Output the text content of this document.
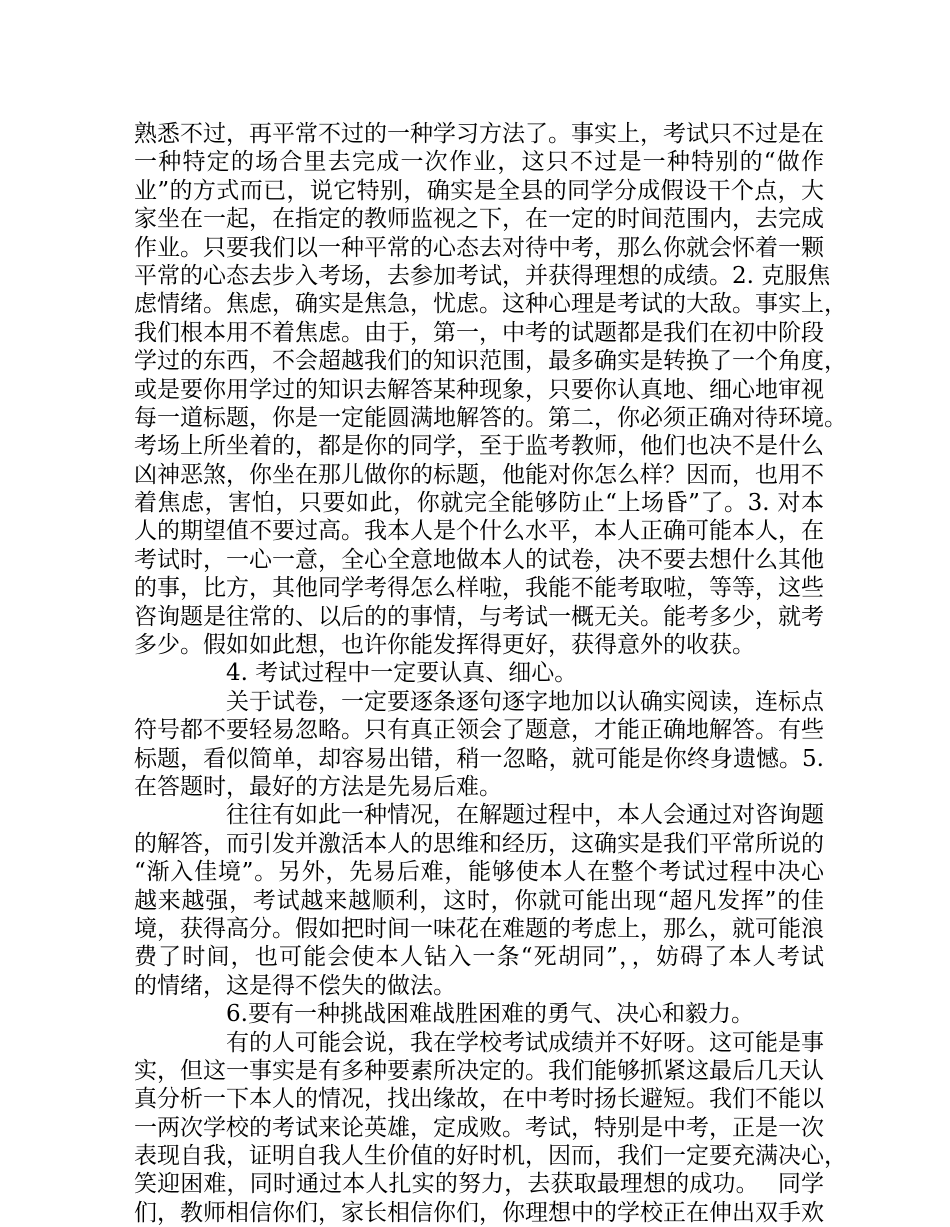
熟悉不过，再平常不过的一种学习方法了。事实上，考试只不过是在
一种特定的场合里去完成一次作业，这只不过是一种特别的“做作
业”的方式而已，说它特别，确实是全县的同学分成假设干个点，大
家坐在一起，在指定的教师监视之下，在一定的时间范围内，去完成
作业。只要我们以一种平常的心态去对待中考，那么你就会怀着一颗
平常的心态去步入考场，去参加考试，并获得理想的成绩。2. 克服焦
虑情绪。焦虑，确实是焦急，忧虑。这种心理是考试的大敌。事实上，
我们根本用不着焦虑。由于，第一，中考的试题都是我们在初中阶段
学过的东西，不会超越我们的知识范围，最多确实是转换了一个角度，
或是要你用学过的知识去解答某种现象，只要你认真地、细心地审视
每一道标题，你是一定能圆满地解答的。第二，你必须正确对待环境。
考场上所坐着的，都是你的同学，至于监考教师，他们也决不是什么
凶神恶煞，你坐在那儿做你的标题，他能对你怎么样？因而，也用不
着焦虑，害怕，只要如此，你就完全能够防止“上场昏”了。3. 对本
人的期望值不要过高。我本人是个什么水平，本人正确可能本人，在
考试时，一心一意，全心全意地做本人的试卷，决不要去想什么其他
的事，比方，其他同学考得怎么样啦，我能不能考取啦，等等，这些
咨询题是往常的、以后的的事情，与考试一概无关。能考多少，就考
多少。假如如此想，也许你能发挥得更好，获得意外的收获。
4. 考试过程中一定要认真、细心。
关于试卷，一定要逐条逐句逐字地加以认确实阅读，连标点
符号都不要轻易忽略。只有真正领会了题意，才能正确地解答。有些
标题，看似简单，却容易出错，稍一忽略，就可能是你终身遗憾。5.
在答题时，最好的方法是先易后难。
往往有如此一种情况，在解题过程中，本人会通过对咨询题
的解答，而引发并激活本人的思维和经历，这确实是我们平常所说的
“渐入佳境”。另外，先易后难，能够使本人在整个考试过程中决心
越来越强，考试越来越顺利，这时，你就可能出现“超凡发挥”的佳
境，获得高分。假如把时间一味花在难题的考虑上，那么，就可能浪
费了时间，也可能会使本人钻入一条“死胡同”，，妨碍了本人考试
的情绪，这是得不偿失的做法。
6.要有一种挑战困难战胜困难的勇气、决心和毅力。
有的人可能会说，我在学校考试成绩并不好呀。这可能是事
实，但这一事实是有多种要素所决定的。我们能够抓紧这最后几天认
真分析一下本人的情况，找出缘故，在中考时扬长避短。我们不能以
一两次学校的考试来论英雄，定成败。考试，特别是中考，正是一次
表现自我，证明自我人生价值的好时机，因而，我们一定要充满决心，
笑迎困难，同时通过本人扎实的努力，去获取最理想的成功。　 同学
们，教师相信你们，家长相信你们，你理想中的学校正在伸出双手欢
